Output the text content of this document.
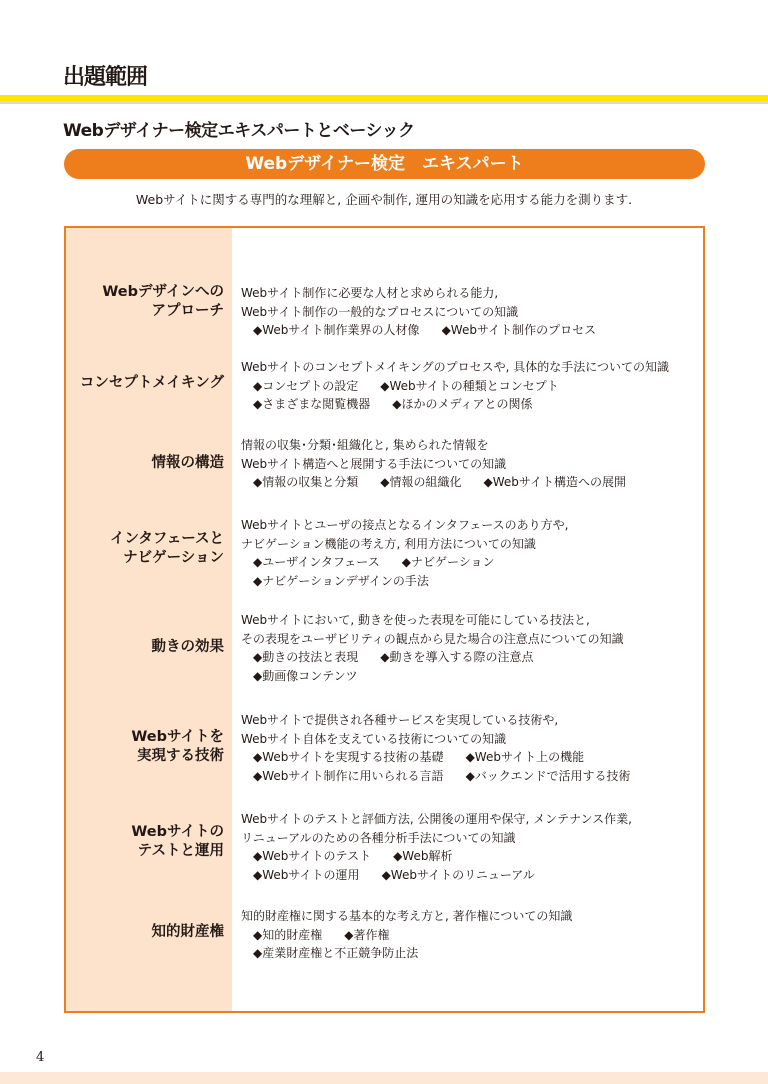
出題範囲
Webデザイナー検定エキスパートとベーシック
Webデザイナー検定　エキスパート
Webサイトに関する専門的な理解と, 企画や制作, 運用の知識を応用する能力を測ります.
Webデザインへの
アプローチ
Webサイト制作に必要な人材と求められる能力,
Webサイト制作の一般的なプロセスについての知識
◆Webサイト制作業界の人材像 ◆Webサイト制作のプロセス
コンセプトメイキング
Webサイトのコンセプトメイキングのプロセスや, 具体的な手法についての知識
◆コンセプトの設定 ◆Webサイトの種類とコンセプト
◆さまざまな閲覧機器 ◆ほかのメディアとの関係
情報の構造
情報の収集･分類･組織化と, 集められた情報を
Webサイト構造へと展開する手法についての知識
◆情報の収集と分類 ◆情報の組織化 ◆Webサイト構造への展開
インタフェースと
ナビゲーション
Webサイトとユーザの接点となるインタフェースのあり方や,
ナビゲーション機能の考え方, 利用方法についての知識
◆ユーザインタフェース ◆ナビゲーション
◆ナビゲーションデザインの手法
動きの効果
Webサイトにおいて, 動きを使った表現を可能にしている技法と,
その表現をユーザビリティの観点から見た場合の注意点についての知識
◆動きの技法と表現 ◆動きを導入する際の注意点
◆動画像コンテンツ
Webサイトを
実現する技術
Webサイトで提供され各種サービスを実現している技術や,
Webサイト自体を支えている技術についての知識
◆Webサイトを実現する技術の基礎 ◆Webサイト上の機能
◆Webサイト制作に用いられる言語 ◆バックエンドで活用する技術
Webサイトの
テストと運用
Webサイトのテストと評価方法, 公開後の運用や保守, メンテナンス作業,
リニューアルのための各種分析手法についての知識
◆Webサイトのテスト ◆Web解析
◆Webサイトの運用 ◆Webサイトのリニューアル
知的財産権
知的財産権に関する基本的な考え方と, 著作権についての知識
◆知的財産権 ◆著作権
◆産業財産権と不正競争防止法
4
